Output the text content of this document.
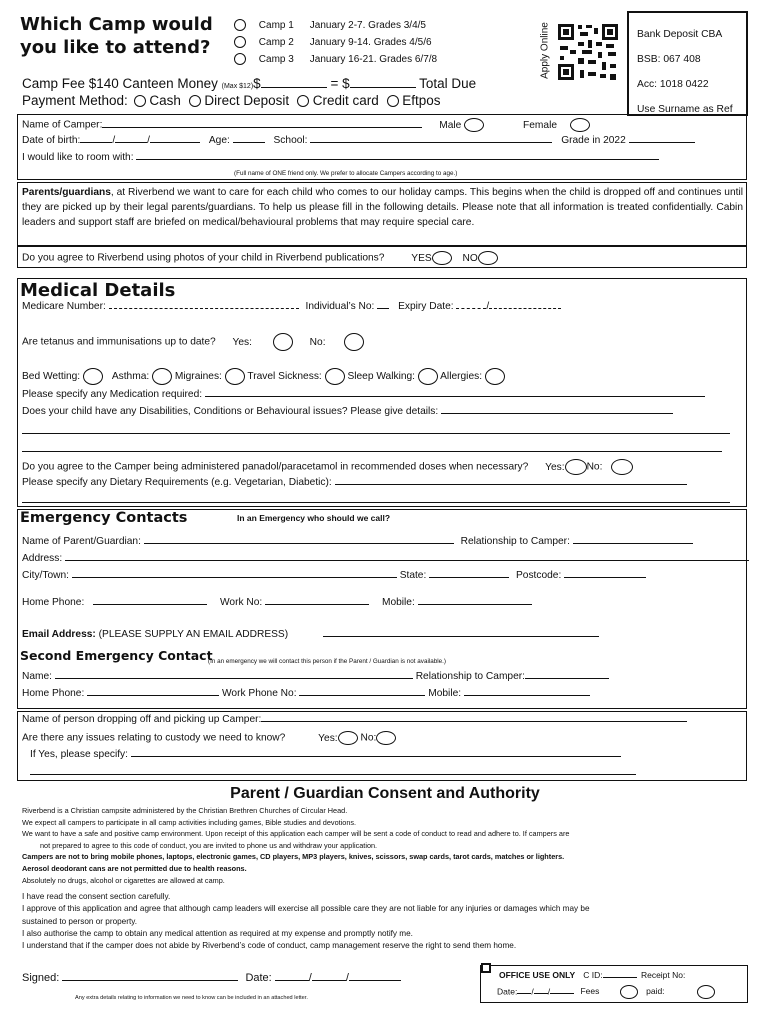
Which Camp would
you like to attend?
Camp 1 January 2-7. Grades 3/4/5
Camp 2 January 9-14. Grades 4/5/6
Camp 3 January 16-21. Grades 6/7/8	Apply Online	Bank Deposit CBA
BSB: 067 408
Acc: 1018 0422
Use Surname as Ref
Camp Fee $140 Canteen Money (Max $12)$	= $	Total Due
Payment Method: Cash Direct Deposit Credit card Eftpos
Name of Camper:	Male	Female
Date of birth:	/	/	Age:	School:	Grade in 2022
I would like to room with:
(Full name of ONE friend only. We prefer to allocate Campers according to age.)
Parents/guardians, at Riverbend we want to care for each child who comes to our holiday camps. This begins when the child is dropped off and continues until they are picked up by their legal parents/guardians. To help us please fill in the following details. Please note that all information is treated confidentially. Cabin leaders and support staff are briefed on medical/behavioural problems that may require special care.
Do you agree to Riverbend using photos of your child in Riverbend publications?	YES	NO
Medical Details
Medicare Number:	Individual’s No: Expiry Date:	/
Are tetanus and immunisations up to date? Yes:	No:
Bed Wetting:	Asthma:	Migraines:	Travel Sickness:	Sleep Walking: Allergies:
Please specify any Medication required:
Does your child have any Disabilities, Conditions or Behavioural issues? Please give details:
Do you agree to the Camper being administered panadol/paracetamol in recommended doses when necessary? Yes: No:
Please specify any Dietary Requirements (e.g. Vegetarian, Diabetic):
Emergency Contacts	In an Emergency who should we call?
Name of Parent/Guardian:	Relationship to Camper:
Address:
City/Town:	State:	Postcode:
Home Phone:	Work No:	Mobile:
Email Address: (PLEASE SUPPLY AN EMAIL ADDRESS)
Second Emergency Contact
(In an emergency we will contact this person if the Parent / Guardian is not available.)
Name:	Relationship to Camper:
Home Phone:	Work Phone No:	Mobile:
Name of person dropping off and picking up Camper:
Are there any issues relating to custody we need to know?	Yes: No:
If Yes, please specify:
Parent / Guardian Consent and Authority
Riverbend is a Christian campsite administered by the Christian Brethren Churches of Circular Head.
We expect all campers to participate in all camp activities including games, Bible studies and devotions.
We want to have a safe and positive camp environment. Upon receipt of this application each camper will be sent a code of conduct to read and adhere to. If campers are
not prepared to agree to this code of conduct, you are invited to phone us and withdraw your application.
Campers are not to bring mobile phones, laptops, electronic games, CD players, MP3 players, knives, scissors, swap cards, tarot cards, matches or lighters.
Aerosol deodorant cans are not permitted due to health reasons.
Absolutely no drugs, alcohol or cigarettes are allowed at camp.
I have read the consent section carefully.
I approve of this application and agree that although camp leaders will exercise all possible care they are not liable for any injuries or damages which may be
sustained to person or property.
I also authorise the camp to obtain any medical attention as required at my expense and promptly notify me.
I understand that if the camper does not abide by Riverbend’s code of conduct, camp management reserve the right to send them home.
Signed:	Date:	/	/
Any extra details relating to information we need to know can be included in an attached letter.
OFFICE USE ONLY C ID:	Receipt No:
Date: / /	Fees	paid:
